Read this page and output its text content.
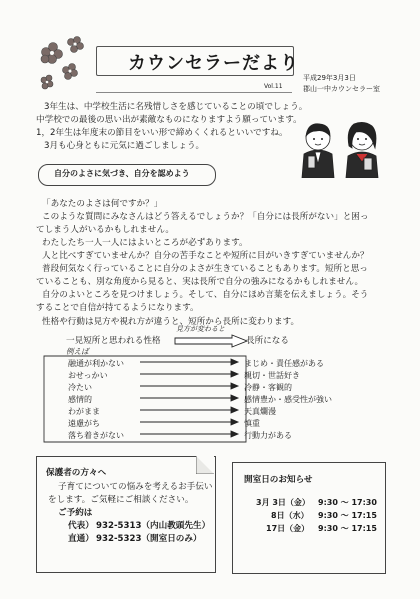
カウンセラーだより
Vol.11
平成29年3月3日
郡山一中カウンセラー室
3年生は、中学校生活に名残惜しさを感じていることの頃でしょう。
中学校での最後の思い出が素敵なものになりますよう願っています。
1，2年生は年度末の節目をいい形で締めくくれるといいですね。
3月も心身ともに元気に過ごしましょう。
自分のよさに気づき、自分を認めよう
「あなたのよさは何ですか？」
このような質問にみなさんはどう答えるでしょうか？「自分には長所がない」と困っ
てしまう人がいるかもしれません。
わたしたち一人一人にはよいところが必ずあります。
人と比べすぎていませんか？自分の苦手なことや短所に目がいきすぎていませんか？
普段何気なく行っていることに自分のよさが生きていることもあります。短所と思っ
ていることも、別な角度から見ると、実は長所で自分の強みになるかもしれません。
自分のよいところを見つけましょう。そして、自分にほめ言葉を伝えましょう。そう
することで自信が持てるようになります。
性格や行動は見方や視れ方が違うと、短所から長所に変わります。
見方が変わると
一見短所と思われる性格	長所になる
例えば
融通が利かない
おせっかい
冷たい
感情的
わがまま
遠慮がち
落ち着きがない
まじめ・責任感がある
親切・世話好き
冷静・客観的
感情豊か・感受性が強い
天真爛漫
慎重
行動力がある
保護者の方々へ
子育てについての悩みを考えるお手伝い
をします。ご気軽にご相談ください。
ご予約は
代表） 932-5313（内山教頭先生）
直通） 932-5323（開室日のみ）
開室日のお知らせ
3月 3日（金） 9:30 〜 17:30
8日（水） 9:30 〜 17:15
17日（金） 9:30 〜 17:15
